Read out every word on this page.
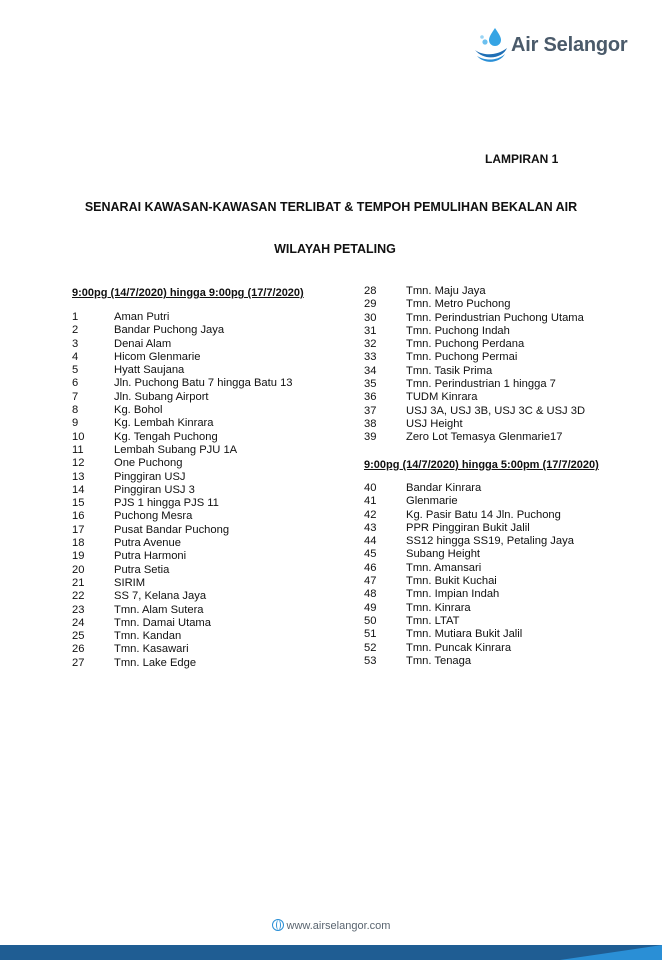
Air Selangor
LAMPIRAN 1
SENARAI KAWASAN-KAWASAN TERLIBAT & TEMPOH PEMULIHAN BEKALAN AIR
WILAYAH PETALING
9:00pg (14/7/2020) hingga 9:00pg (17/7/2020)
1	Aman Putri
2	Bandar Puchong Jaya
3	Denai Alam
4	Hicom Glenmarie
5	Hyatt Saujana
6	Jln. Puchong Batu 7 hingga Batu 13
7	Jln. Subang Airport
8	Kg. Bohol
9	Kg. Lembah Kinrara
10	Kg. Tengah Puchong
11	Lembah Subang PJU 1A
12	One Puchong
13	Pinggiran USJ
14	Pinggiran USJ 3
15	PJS 1 hingga PJS 11
16	Puchong Mesra
17	Pusat Bandar Puchong
18	Putra Avenue
19	Putra Harmoni
20	Putra Setia
21	SIRIM
22	SS 7, Kelana Jaya
23	Tmn. Alam Sutera
24	Tmn. Damai Utama
25	Tmn. Kandan
26	Tmn. Kasawari
27	Tmn. Lake Edge
28	Tmn. Maju Jaya
29	Tmn. Metro Puchong
30	Tmn. Perindustrian Puchong Utama
31	Tmn. Puchong Indah
32	Tmn. Puchong Perdana
33	Tmn. Puchong Permai
34	Tmn. Tasik Prima
35	Tmn. Perindustrian 1 hingga 7
36	TUDM Kinrara
37	USJ 3A, USJ 3B, USJ 3C & USJ 3D
38	USJ Height
39	Zero Lot Temasya Glenmarie17
9:00pg (14/7/2020) hingga 5:00pm (17/7/2020)
40	Bandar Kinrara
41	Glenmarie
42	Kg. Pasir Batu 14 Jln. Puchong
43	PPR Pinggiran Bukit Jalil
44	SS12 hingga SS19, Petaling Jaya
45	Subang Height
46	Tmn. Amansari
47	Tmn. Bukit Kuchai
48	Tmn. Impian Indah
49	Tmn. Kinrara
50	Tmn. LTAT
51	Tmn. Mutiara Bukit Jalil
52	Tmn. Puncak Kinrara
53	Tmn. Tenaga
www.airselangor.com
